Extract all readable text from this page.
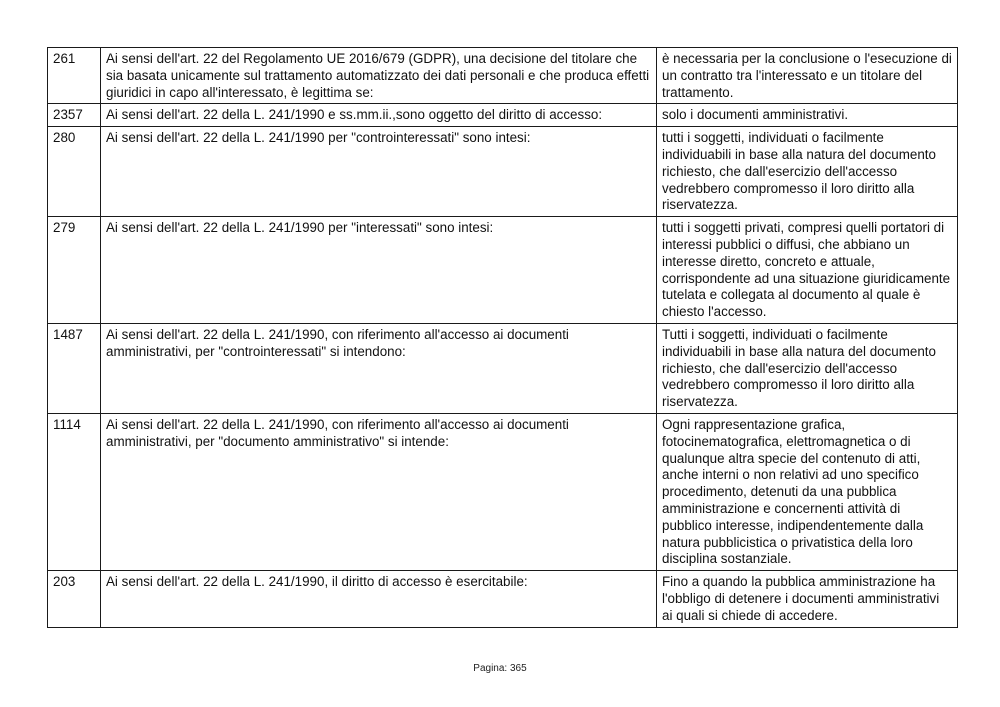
261	Ai sensi dell'art. 22 del Regolamento UE 2016/679 (GDPR), una decisione del titolare che sia basata unicamente sul trattamento automatizzato dei dati personali e che produca effetti giuridici in capo all'interessato, è legittima se:	è necessaria per la conclusione o l'esecuzione di un contratto tra l'interessato e un titolare del trattamento.
2357	Ai sensi dell'art. 22 della L. 241/1990 e ss.mm.ii.,sono oggetto del diritto di accesso:	solo i documenti amministrativi.
280	Ai sensi dell'art. 22 della L. 241/1990 per "controinteressati" sono intesi:	tutti i soggetti, individuati o facilmente individuabili in base alla natura del documento richiesto, che dall'esercizio dell'accesso vedrebbero compromesso il loro diritto alla riservatezza.
279	Ai sensi dell'art. 22 della L. 241/1990 per "interessati" sono intesi:	tutti i soggetti privati, compresi quelli portatori di interessi pubblici o diffusi, che abbiano un interesse diretto, concreto e attuale, corrispondente ad una situazione giuridicamente tutelata e collegata al documento al quale è chiesto l'accesso.
1487	Ai sensi dell'art. 22 della L. 241/1990, con riferimento all'accesso ai documenti amministrativi, per "controinteressati" si intendono:	Tutti i soggetti, individuati o facilmente individuabili in base alla natura del documento richiesto, che dall'esercizio dell'accesso vedrebbero compromesso il loro diritto alla riservatezza.
1114	Ai sensi dell'art. 22 della L. 241/1990, con riferimento all'accesso ai documenti amministrativi, per "documento amministrativo" si intende:	Ogni rappresentazione grafica, fotocinematografica, elettromagnetica o di qualunque altra specie del contenuto di atti, anche interni o non relativi ad uno specifico procedimento, detenuti da una pubblica amministrazione e concernenti attività di pubblico interesse, indipendentemente dalla natura pubblicistica o privatistica della loro disciplina sostanziale.
203	Ai sensi dell'art. 22 della L. 241/1990, il diritto di accesso è esercitabile:	Fino a quando la pubblica amministrazione ha l'obbligo di detenere i documenti amministrativi ai quali si chiede di accedere.
Pagina: 365
